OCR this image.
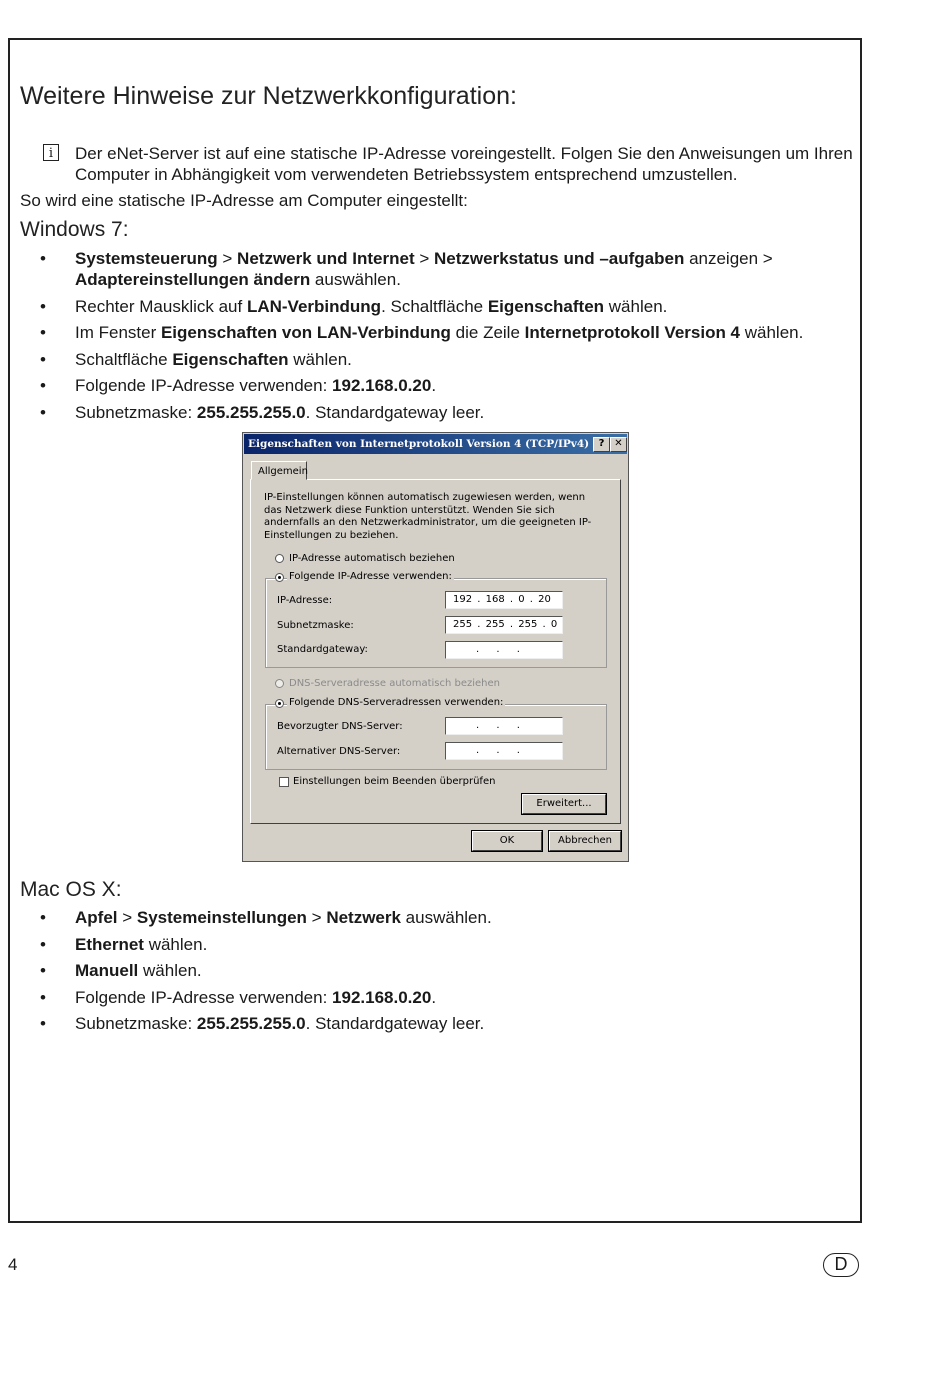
Weitere Hinweise zur Netzwerkkonfiguration:
i	Der eNet-Server ist auf eine statische IP-Adresse voreingestellt. Folgen Sie den Anweisungen um Ihren Computer in Abhängigkeit vom verwendeten Betriebssystem entsprechend umzustellen.
So wird eine statische IP-Adresse am Computer eingestellt:
Windows 7:
• Systemsteuerung > Netzwerk und Internet > Netzwerkstatus und –aufgaben anzeigen > Adaptereinstellungen ändern auswählen.
• Rechter Mausklick auf LAN-Verbindung. Schaltfläche Eigenschaften wählen.
• Im Fenster Eigenschaften von LAN-Verbindung die Zeile Internetprotokoll Version 4 wählen.
• Schaltfläche Eigenschaften wählen.
• Folgende IP-Adresse verwenden: 192.168.0.20.
• Subnetzmaske: 255.255.255.0. Standardgateway leer.
Eigenschaften von Internetprotokoll Version 4 (TCP/IPv4) ? ✕
Allgemein
IP-Einstellungen können automatisch zugewiesen werden, wenn das Netzwerk diese Funktion unterstützt. Wenden Sie sich andernfalls an den Netzwerkadministrator, um die geeigneten IP-Einstellungen zu beziehen.
IP-Adresse automatisch beziehen
Folgende IP-Adresse verwenden:
IP-Adresse:	192 . 168 . 0 . 20
Subnetzmaske:	255 . 255 . 255 . 0
Standardgateway:	. . .
DNS-Serveradresse automatisch beziehen
Folgende DNS-Serveradressen verwenden:
Bevorzugter DNS-Server:	. . .
Alternativer DNS-Server:	. . .
Einstellungen beim Beenden überprüfen
Erweitert...
OK	Abbrechen
Mac OS X:
• Apfel > Systemeinstellungen > Netzwerk auswählen.
• Ethernet wählen.
• Manuell wählen.
• Folgende IP-Adresse verwenden: 192.168.0.20.
• Subnetzmaske: 255.255.255.0. Standardgateway leer.
4	D
